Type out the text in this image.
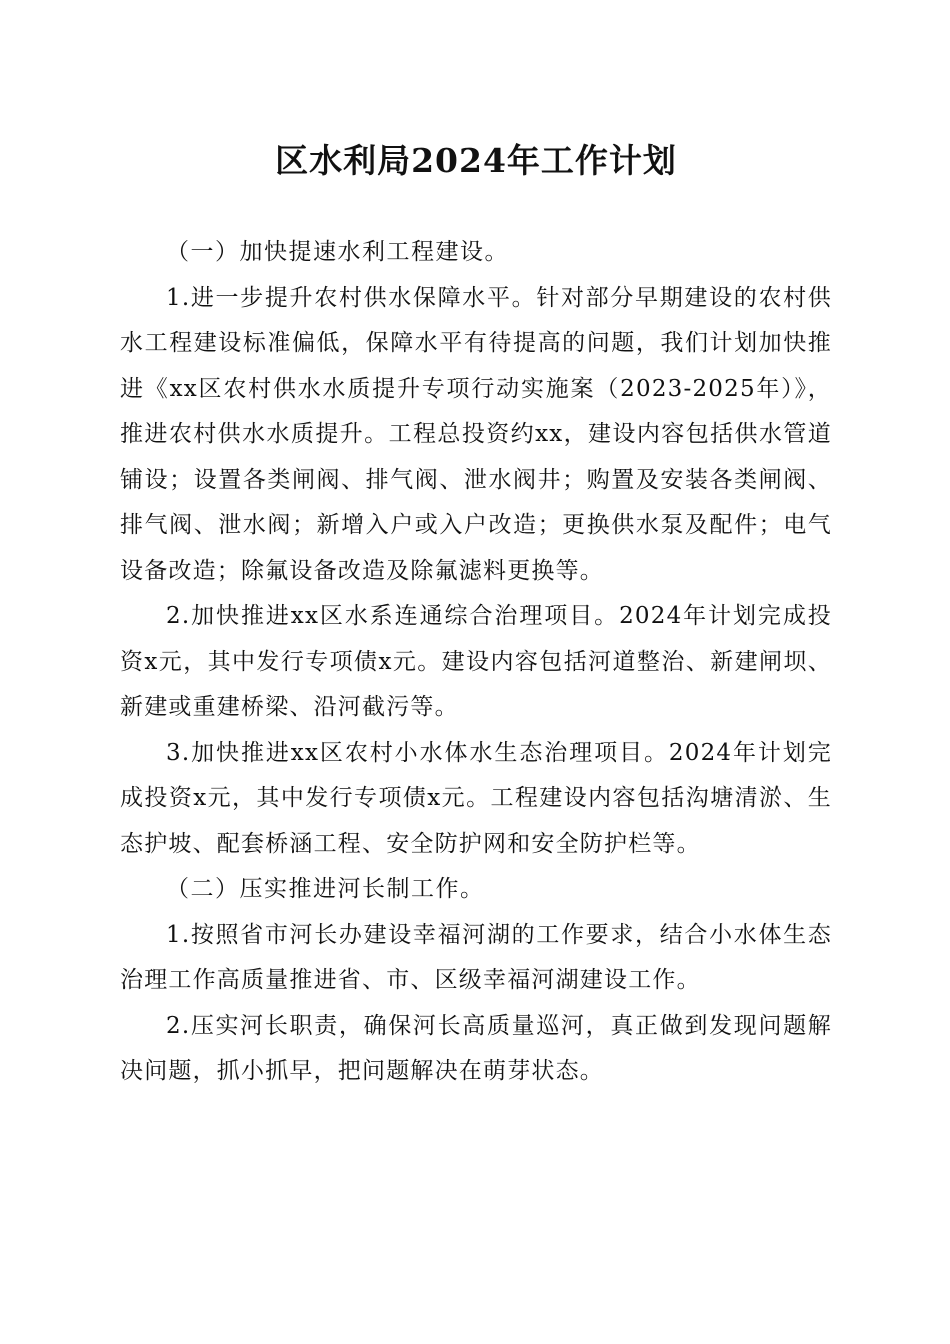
区水利局2024年工作计划

（一）加快提速水利工程建设。

1.进一步提升农村供水保障水平。针对部分早期建设的农村供水工程建设标准偏低，保障水平有待提高的问题，我们计划加快推进《xx区农村供水水质提升专项行动实施案（2023-2025年）》，推进农村供水水质提升。工程总投资约xx，建设内容包括供水管道铺设；设置各类闸阀、排气阀、泄水阀井；购置及安装各类闸阀、排气阀、泄水阀；新增入户或入户改造；更换供水泵及配件；电气设备改造；除氟设备改造及除氟滤料更换等。

2.加快推进xx区水系连通综合治理项目。2024年计划完成投资x元，其中发行专项债x元。建设内容包括河道整治、新建闸坝、新建或重建桥梁、沿河截污等。

3.加快推进xx区农村小水体水生态治理项目。2024年计划完成投资x元，其中发行专项债x元。工程建设内容包括沟塘清淤、生态护坡、配套桥涵工程、安全防护网和安全防护栏等。

（二）压实推进河长制工作。

1.按照省市河长办建设幸福河湖的工作要求，结合小水体生态治理工作高质量推进省、市、区级幸福河湖建设工作。

2.压实河长职责，确保河长高质量巡河，真正做到发现问题解决问题，抓小抓早，把问题解决在萌芽状态。
